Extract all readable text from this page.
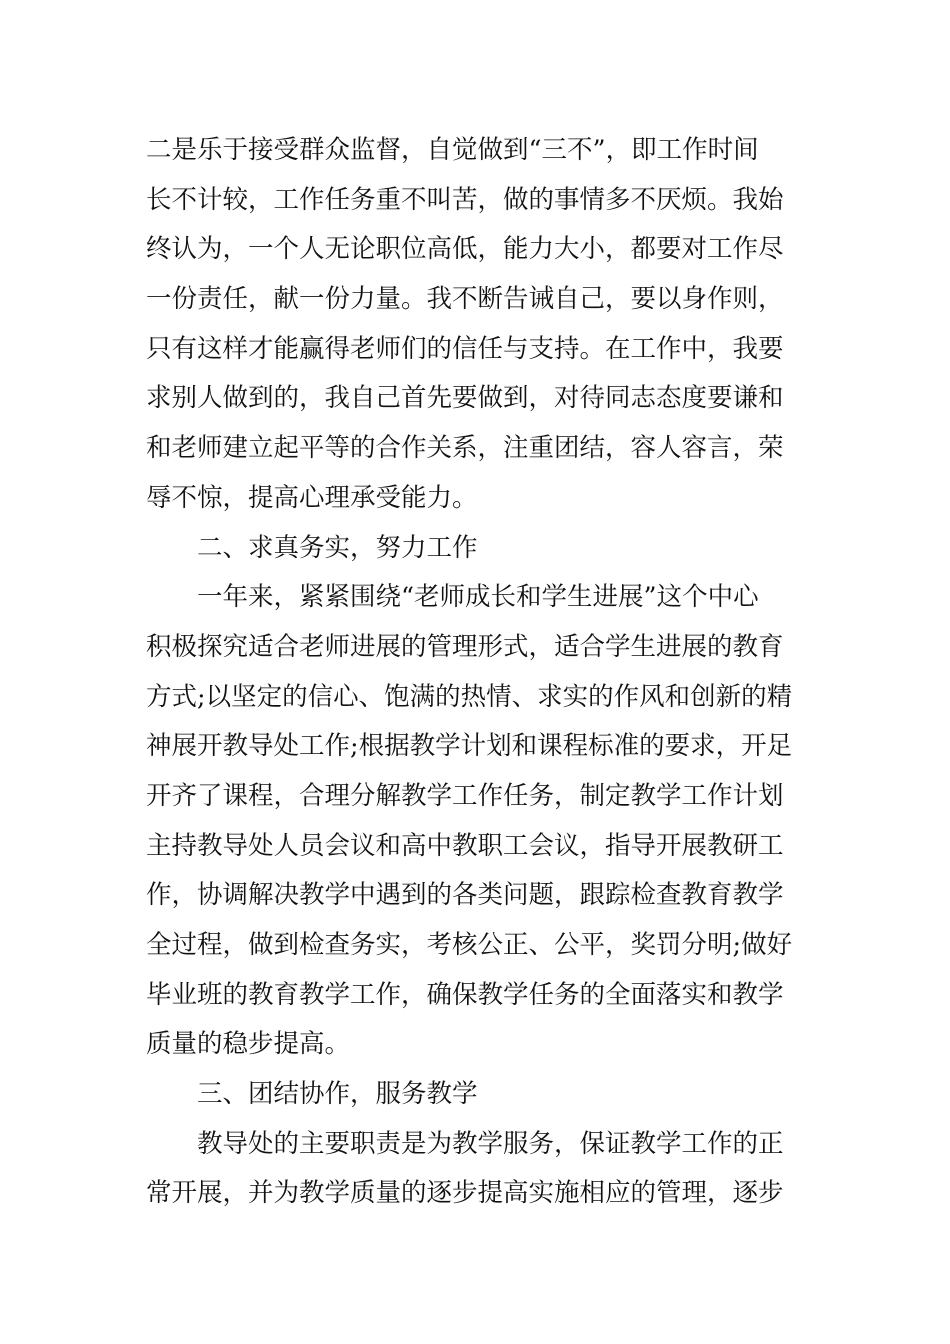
二是乐于接受群众监督，自觉做到“三不”，即工作时间
长不计较，工作任务重不叫苦，做的事情多不厌烦。我始
终认为，一个人无论职位高低，能力大小，都要对工作尽
一份责任，献一份力量。我不断告诫自己，要以身作则，
只有这样才能赢得老师们的信任与支持。在工作中，我要
求别人做到的，我自己首先要做到，对待同志态度要谦和
和老师建立起平等的合作关系，注重团结，容人容言，荣
辱不惊，提高心理承受能力。
二、求真务实，努力工作
一年来，紧紧围绕“老师成长和学生进展”这个中心
积极探究适合老师进展的管理形式，适合学生进展的教育
方式;以坚定的信心、饱满的热情、求实的作风和创新的精
神展开教导处工作;根据教学计划和课程标准的要求，开足
开齐了课程，合理分解教学工作任务，制定教学工作计划
主持教导处人员会议和高中教职工会议，指导开展教研工
作，协调解决教学中遇到的各类问题，跟踪检查教育教学
全过程，做到检查务实，考核公正、公平，奖罚分明;做好
毕业班的教育教学工作，确保教学任务的全面落实和教学
质量的稳步提高。
三、团结协作，服务教学
教导处的主要职责是为教学服务，保证教学工作的正
常开展，并为教学质量的逐步提高实施相应的管理，逐步
